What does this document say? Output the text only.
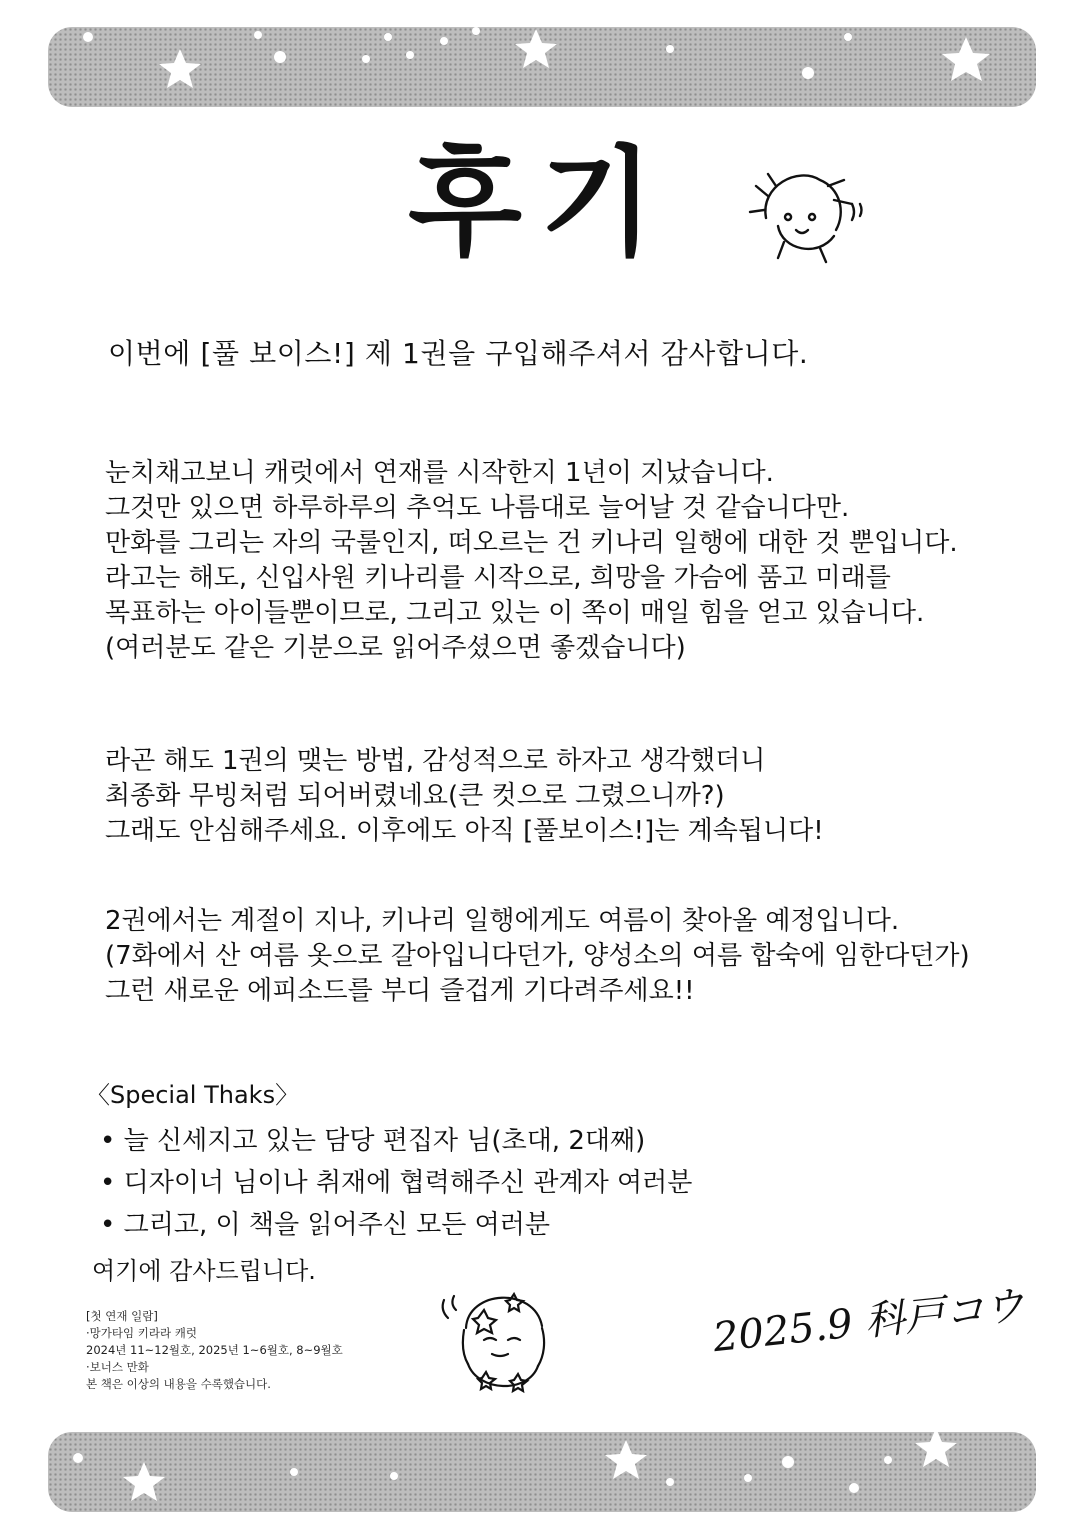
후기
이번에 [풀 보이스!] 제 1권을 구입해주셔서 감사합니다.
눈치채고보니 캐럿에서 연재를 시작한지 1년이 지났습니다.
그것만 있으면 하루하루의 추억도 나름대로 늘어날 것 같습니다만.
만화를 그리는 자의 국룰인지, 떠오르는 건 키나리 일행에 대한 것 뿐입니다.
라고는 해도, 신입사원 키나리를 시작으로, 희망을 가슴에 품고 미래를
목표하는 아이들뿐이므로, 그리고 있는 이 쪽이 매일 힘을 얻고 있습니다.
(여러분도 같은 기분으로 읽어주셨으면 좋겠습니다)
라곤 해도 1권의 맺는 방법, 감성적으로 하자고 생각했더니
최종화 무빙처럼 되어버렸네요(큰 컷으로 그렸으니까?)
그래도 안심해주세요. 이후에도 아직 [풀보이스!]는 계속됩니다!
2권에서는 계절이 지나, 키나리 일행에게도 여름이 찾아올 예정입니다.
(7화에서 산 여름 옷으로 갈아입니다던가, 양성소의 여름 합숙에 임한다던가)
그런 새로운 에피소드를 부디 즐겁게 기다려주세요!!
〈Special Thaks〉
• 늘 신세지고 있는 담당 편집자 님(초대, 2대째)
• 디자이너 님이나 취재에 협력해주신 관계자 여러분
• 그리고, 이 책을 읽어주신 모든 여러분
여기에 감사드립니다.
[첫 연재 일람]
·망가타임 키라라 캐럿
2024년 11~12월호, 2025년 1~6월호, 8~9월호
·보너스 만화
본 책은 이상의 내용을 수록했습니다.
2025.9 科戸コウ
